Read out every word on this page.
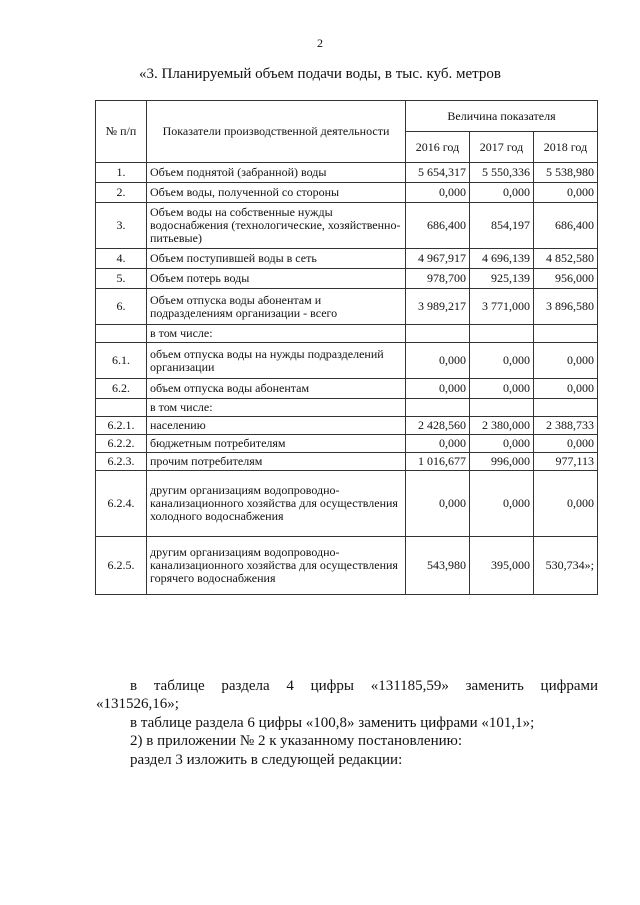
2
«3. Планируемый объем подачи воды, в тыс. куб. метров
№ п/п	Показатели производственной деятельности	Величина показателя		
		2016 год	2017 год	2018 год
1.	Объем поднятой (забранной) воды	5 654,317	5 550,336	5 538,980
2.	Объем воды, полученной со стороны	0,000	0,000	0,000
3.	Объем воды на собственные нужды водоснабжения (технологические, хозяйственно-питьевые)	686,400	854,197	686,400
4.	Объем поступившей воды в сеть	4 967,917	4 696,139	4 852,580
5.	Объем потерь воды	978,700	925,139	956,000
6.	Объем отпуска воды абонентам и подразделениям организации - всего	3 989,217	3 771,000	3 896,580
	в том числе:			
6.1.	объем отпуска воды на нужды подразделений организации	0,000	0,000	0,000
6.2.	объем отпуска воды абонентам	0,000	0,000	0,000
	в том числе:			
6.2.1.	населению	2 428,560	2 380,000	2 388,733
6.2.2.	бюджетным потребителям	0,000	0,000	0,000
6.2.3.	прочим потребителям	1 016,677	996,000	977,113
6.2.4.	другим организациям водопроводно-канализационного хозяйства для осуществления холодного водоснабжения	0,000	0,000	0,000
6.2.5.	другим организациям водопроводно-канализационного хозяйства для осуществления горячего водоснабжения	543,980	395,000	530,734»;
в таблице раздела 4 цифры «131185,59» заменить цифрами
«131526,16»;
в таблице раздела 6 цифры «100,8» заменить цифрами «101,1»;
2) в приложении № 2 к указанному постановлению:
раздел 3 изложить в следующей редакции:
